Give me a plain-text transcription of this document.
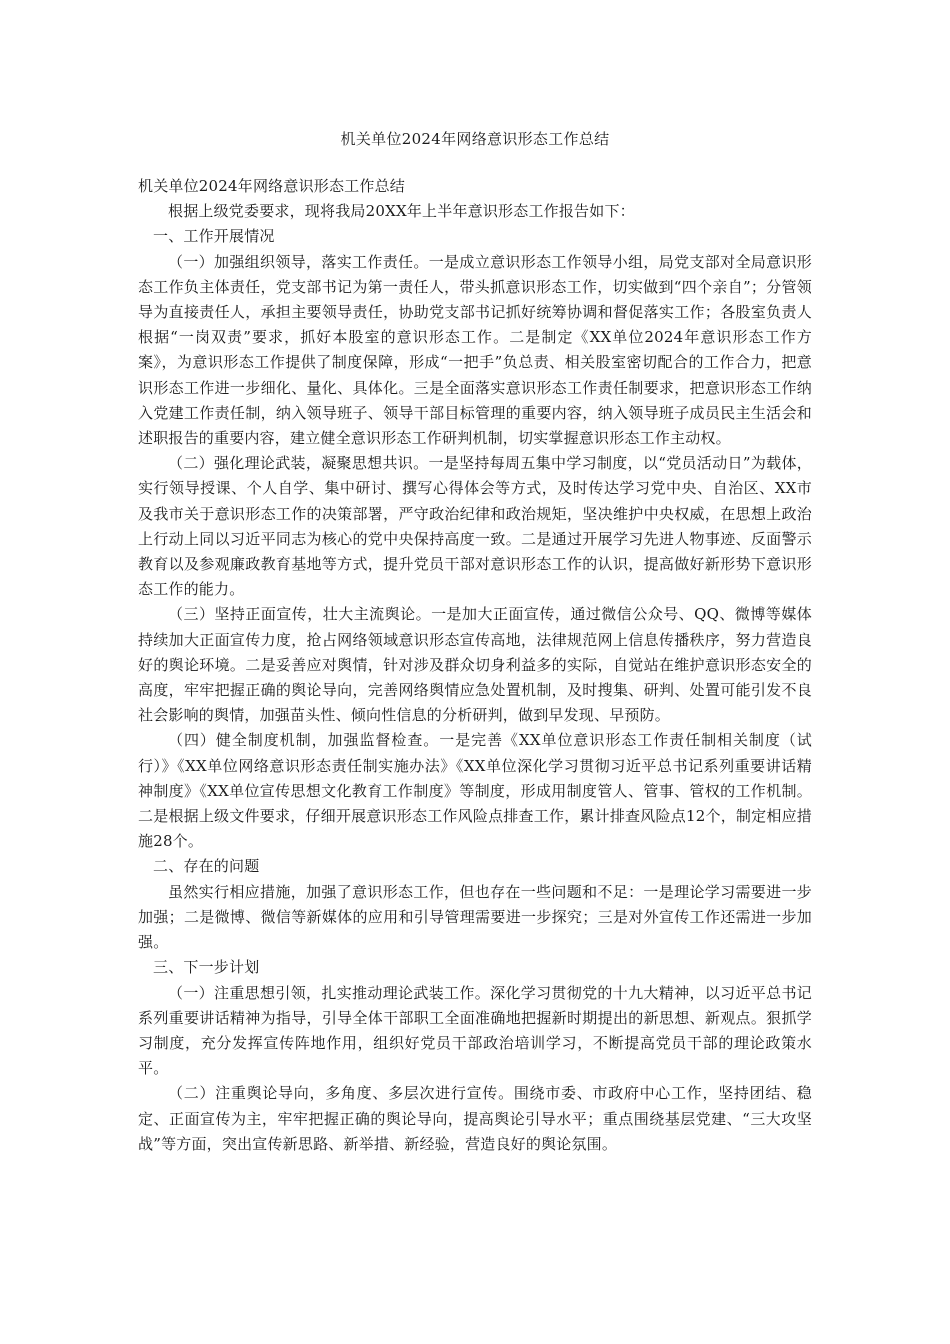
机关单位2024年网络意识形态工作总结

机关单位2024年网络意识形态工作总结

根据上级党委要求，现将我局20XX年上半年意识形态工作报告如下：

一、工作开展情况

（一）加强组织领导，落实工作责任。一是成立意识形态工作领导小组，局党支部对全局意识形态工作负主体责任，党支部书记为第一责任人，带头抓意识形态工作，切实做到“四个亲自”；分管领导为直接责任人，承担主要领导责任，协助党支部书记抓好统筹协调和督促落实工作；各股室负责人根据“一岗双责”要求，抓好本股室的意识形态工作。二是制定《XX单位2024年意识形态工作方案》，为意识形态工作提供了制度保障，形成“一把手”负总责、相关股室密切配合的工作合力，把意识形态工作进一步细化、量化、具体化。三是全面落实意识形态工作责任制要求，把意识形态工作纳入党建工作责任制，纳入领导班子、领导干部目标管理的重要内容，纳入领导班子成员民主生活会和述职报告的重要内容，建立健全意识形态工作研判机制，切实掌握意识形态工作主动权。

（二）强化理论武装，凝聚思想共识。一是坚持每周五集中学习制度，以“党员活动日”为载体，实行领导授课、个人自学、集中研讨、撰写心得体会等方式，及时传达学习党中央、自治区、XX市及我市关于意识形态工作的决策部署，严守政治纪律和政治规矩，坚决维护中央权威，在思想上政治上行动上同以习近平同志为核心的党中央保持高度一致。二是通过开展学习先进人物事迹、反面警示教育以及参观廉政教育基地等方式，提升党员干部对意识形态工作的认识，提高做好新形势下意识形态工作的能力。

（三）坚持正面宣传，壮大主流舆论。一是加大正面宣传，通过微信公众号、QQ、微博等媒体持续加大正面宣传力度，抢占网络领域意识形态宣传高地，法律规范网上信息传播秩序，努力营造良好的舆论环境。二是妥善应对舆情，针对涉及群众切身利益多的实际，自觉站在维护意识形态安全的高度，牢牢把握正确的舆论导向，完善网络舆情应急处置机制，及时搜集、研判、处置可能引发不良社会影响的舆情，加强苗头性、倾向性信息的分析研判，做到早发现、早预防。

（四）健全制度机制，加强监督检查。一是完善《XX单位意识形态工作责任制相关制度（试行）》《XX单位网络意识形态责任制实施办法》《XX单位深化学习贯彻习近平总书记系列重要讲话精神制度》《XX单位宣传思想文化教育工作制度》等制度，形成用制度管人、管事、管权的工作机制。二是根据上级文件要求，仔细开展意识形态工作风险点排查工作，累计排查风险点12个，制定相应措施28个。

二、存在的问题

虽然实行相应措施，加强了意识形态工作，但也存在一些问题和不足：一是理论学习需要进一步加强；二是微博、微信等新媒体的应用和引导管理需要进一步探究；三是对外宣传工作还需进一步加强。

三、下一步计划

（一）注重思想引领，扎实推动理论武装工作。深化学习贯彻党的十九大精神，以习近平总书记系列重要讲话精神为指导，引导全体干部职工全面准确地把握新时期提出的新思想、新观点。狠抓学习制度，充分发挥宣传阵地作用，组织好党员干部政治培训学习，不断提高党员干部的理论政策水平。

（二）注重舆论导向，多角度、多层次进行宣传。围绕市委、市政府中心工作，坚持团结、稳定、正面宣传为主，牢牢把握正确的舆论导向，提高舆论引导水平；重点围绕基层党建、“三大攻坚战”等方面，突出宣传新思路、新举措、新经验，营造良好的舆论氛围。
